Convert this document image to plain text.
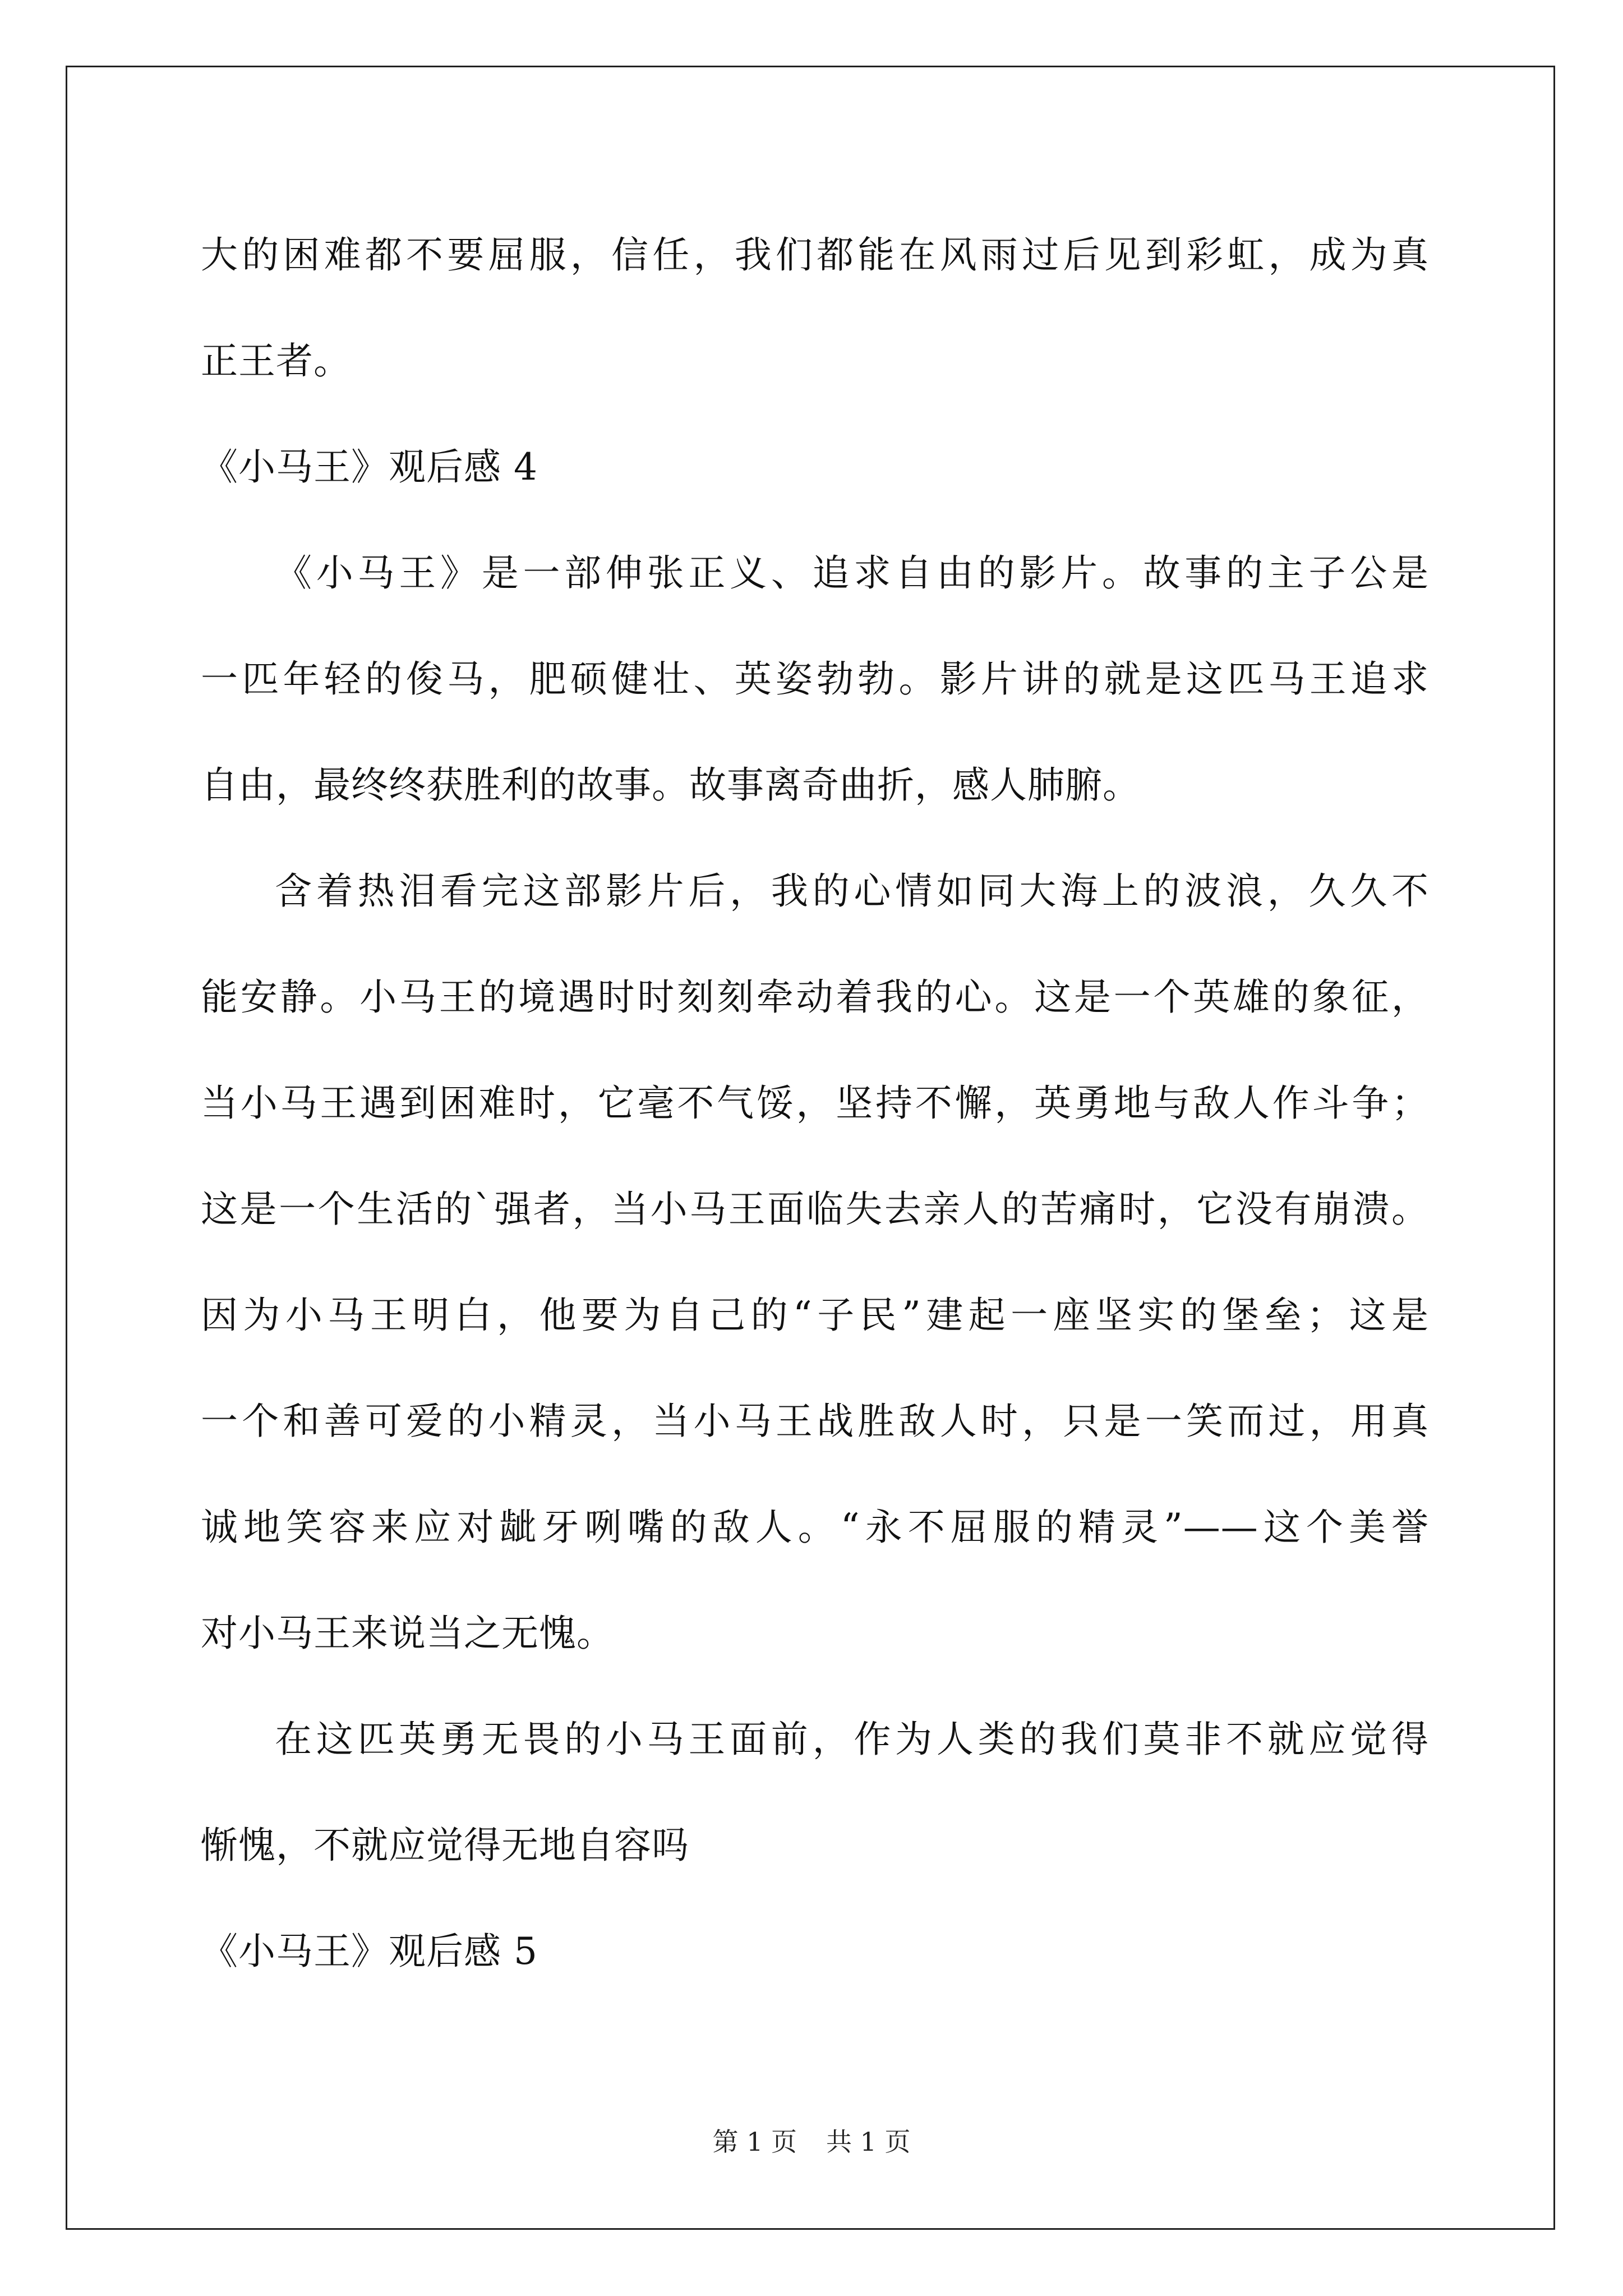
大的困难都不要屈服，信任，我们都能在风雨过后见到彩虹，成为真
正王者。
《小马王》观后感 4
《小马王》是一部伸张正义、追求自由的影片。故事的主子公是
一匹年轻的俊马，肥硕健壮、英姿勃勃。影片讲的就是这匹马王追求
自由，最终终获胜利的故事。故事离奇曲折，感人肺腑。
含着热泪看完这部影片后，我的心情如同大海上的波浪，久久不
能安静。小马王的境遇时时刻刻牵动着我的心。这是一个英雄的象征，
当小马王遇到困难时，它毫不气馁，坚持不懈，英勇地与敌人作斗争；
这是一个生活的`强者，当小马王面临失去亲人的苦痛时，它没有崩溃。
因为小马王明白，他要为自己的“子民”建起一座坚实的堡垒；这是
一个和善可爱的小精灵，当小马王战胜敌人时，只是一笑而过，用真
诚地笑容来应对龇牙咧嘴的敌人。“永不屈服的精灵”——这个美誉
对小马王来说当之无愧。
在这匹英勇无畏的小马王面前，作为人类的我们莫非不就应觉得
惭愧，不就应觉得无地自容吗
《小马王》观后感 5
第 1 页 共 1 页
